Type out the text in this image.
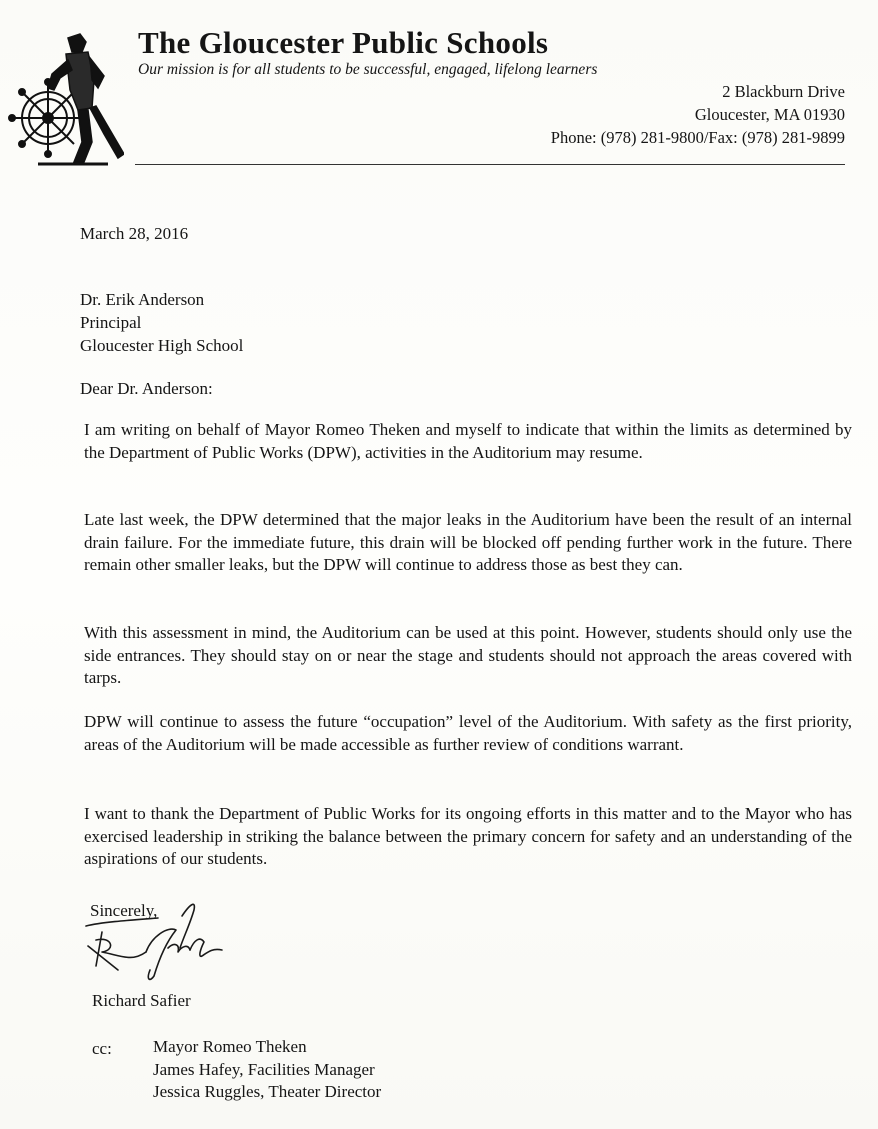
The Gloucester Public Schools
Our mission is for all students to be successful, engaged, lifelong learners
2 Blackburn Drive
Gloucester, MA 01930
Phone: (978) 281-9800/Fax: (978) 281-9899
March 28, 2016
Dr. Erik Anderson
Principal
Gloucester High School
Dear Dr. Anderson:

I am writing on behalf of Mayor Romeo Theken and myself to indicate that within the limits as determined by the Department of Public Works (DPW), activities in the Auditorium may resume.

Late last week, the DPW determined that the major leaks in the Auditorium have been the result of an internal drain failure. For the immediate future, this drain will be blocked off pending further work in the future. There remain other smaller leaks, but the DPW will continue to address those as best they can.

With this assessment in mind, the Auditorium can be used at this point. However, students should only use the side entrances. They should stay on or near the stage and students should not approach the areas covered with tarps.

DPW will continue to assess the future “occupation” level of the Auditorium. With safety as the first priority, areas of the Auditorium will be made accessible as further review of conditions warrant.

I want to thank the Department of Public Works for its ongoing efforts in this matter and to the Mayor who has exercised leadership in striking the balance between the primary concern for safety and an understanding of the aspirations of our students.

Sincerely,
Richard Safier
cc: Mayor Romeo Theken
James Hafey, Facilities Manager
Jessica Ruggles, Theater Director
